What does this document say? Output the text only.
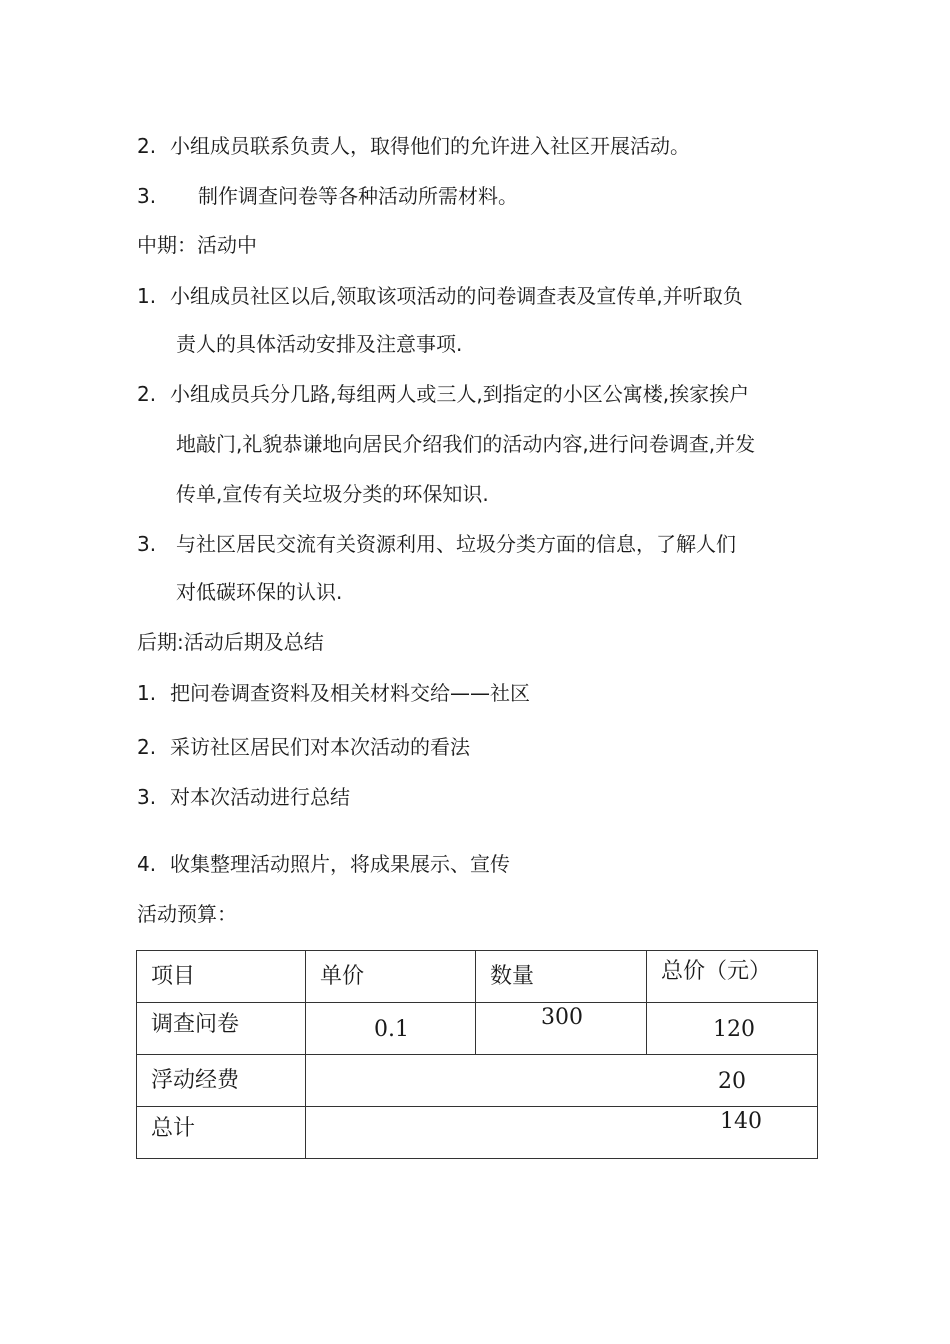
2. 小组成员联系负责人，取得他们的允许进入社区开展活动。
3. 制作调查问卷等各种活动所需材料。
中期：活动中
1. 小组成员社区以后,领取该项活动的问卷调查表及宣传单,并听取负
责人的具体活动安排及注意事项.
2. 小组成员兵分几路,每组两人或三人,到指定的小区公寓楼,挨家挨户
地敲门,礼貌恭谦地向居民介绍我们的活动内容,进行问卷调查,并发
传单,宣传有关垃圾分类的环保知识.
3. 与社区居民交流有关资源利用、垃圾分类方面的信息，了解人们
对低碳环保的认识.
后期:活动后期及总结
1. 把问卷调查资料及相关材料交给——社区
2. 采访社区居民们对本次活动的看法
3. 对本次活动进行总结
4. 收集整理活动照片，将成果展示、宣传
活动预算：
项目	单价	数量	总价（元）

调查问卷	0.1	300	120

浮动经费	20		

总计	140		
